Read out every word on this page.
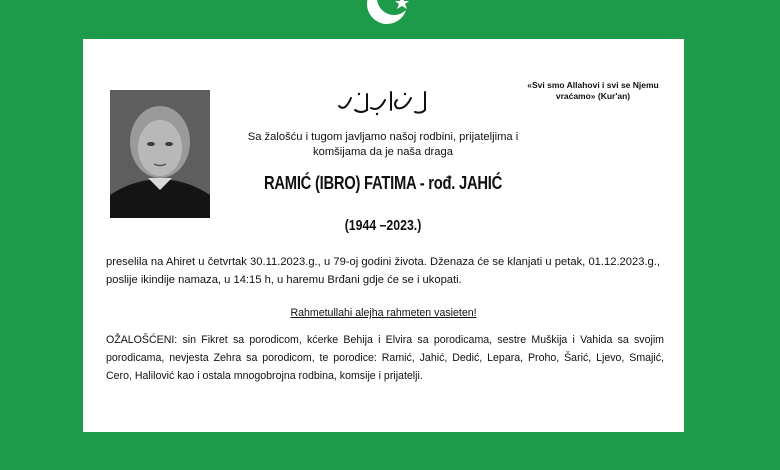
«Svi smo Allahovi i svi se Njemu vraćamo» (Kur'an)
Sa žalošću i tugom javljamo našoj rodbini, prijateljima i komšijama da je naša draga
RAMIĆ (IBRO) FATIMA - rođ. JAHIĆ
(1944 –2023.)
preselila na Ahiret u četvrtak 30.11.2023.g., u 79-oj godini života. Dženaza će se klanjati u petak, 01.12.2023.g., poslije ikindije namaza, u 14:15 h, u haremu Brđani gdje će se i ukopati.
Rahmetullahi alejha rahmeten vasieten!
OŽALOŠĆENI: sin Fikret sa porodicom, kćerke Behija i Elvira sa porodicama, sestre Muškija i Vahida sa svojim porodicama, nevjesta Zehra sa porodicom, te porodice: Ramić, Jahić, Dedić, Lepara, Proho, Šarić, Ljevo, Smajić, Cero, Halilović kao i ostala mnogobrojna rodbina, komsije i prijatelji.
